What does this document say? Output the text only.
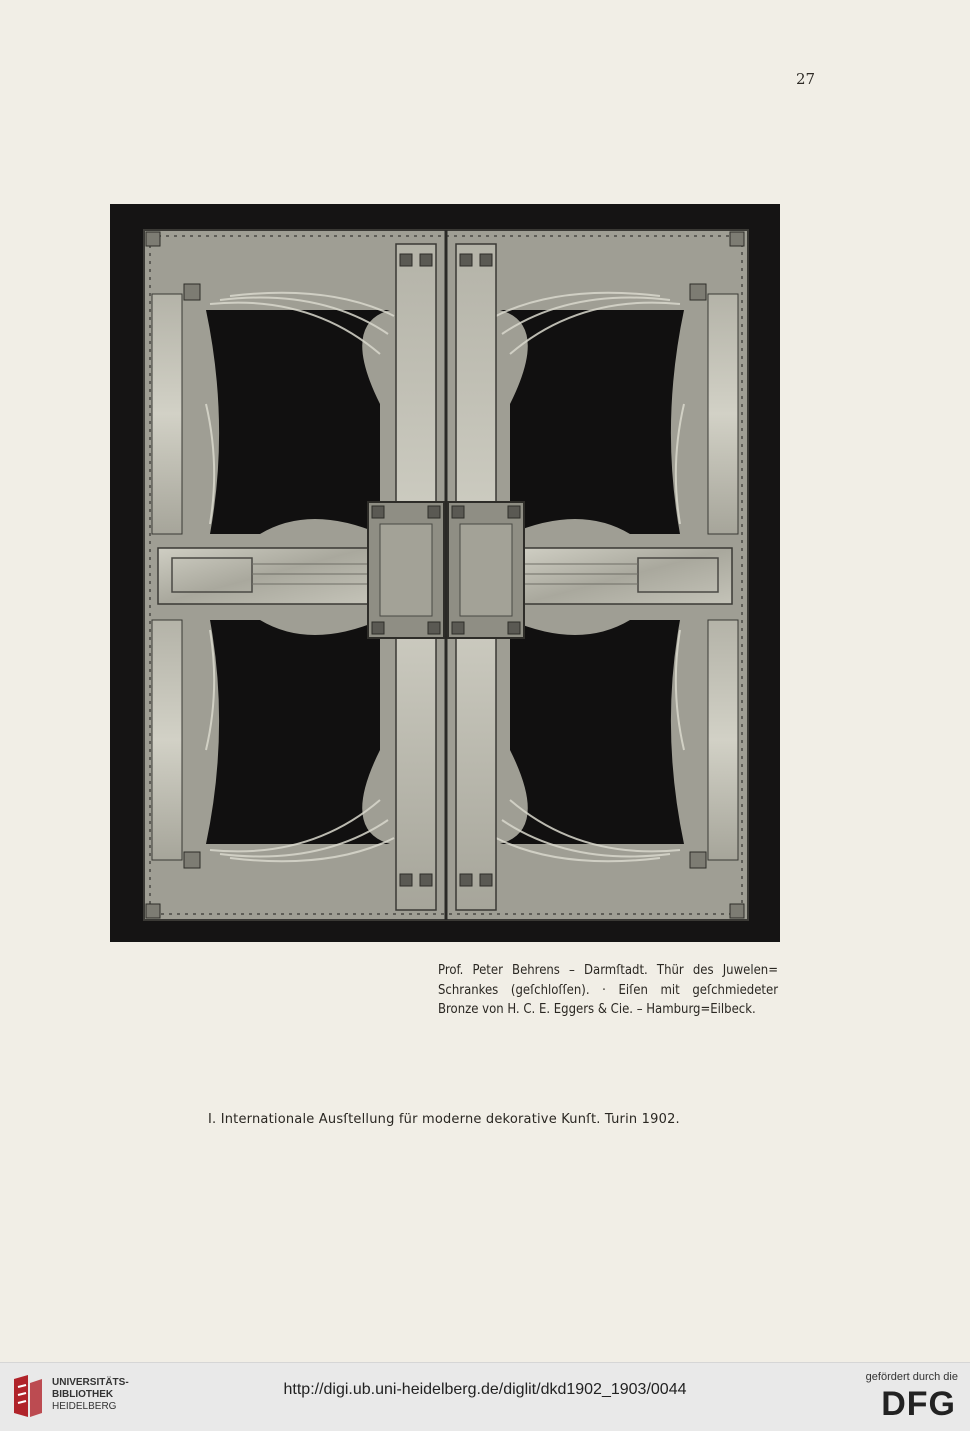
27
Prof. Peter Behrens – Darmſtadt. Thür des Juwelen=
Schrankes (geſchloſſen). · Eiſen mit geſchmiedeter
Bronze von H. C. E. Eggers & Cie. – Hamburg=Eilbeck.
I. Internationale Ausſtellung für moderne dekorative Kunſt. Turin 1902.
UNIVERSITÄTS-
BIBLIOTHEK
HEIDELBERG
http://digi.ub.uni-heidelberg.de/diglit/dkd1902_1903/0044
gefördert durch die
DFG
